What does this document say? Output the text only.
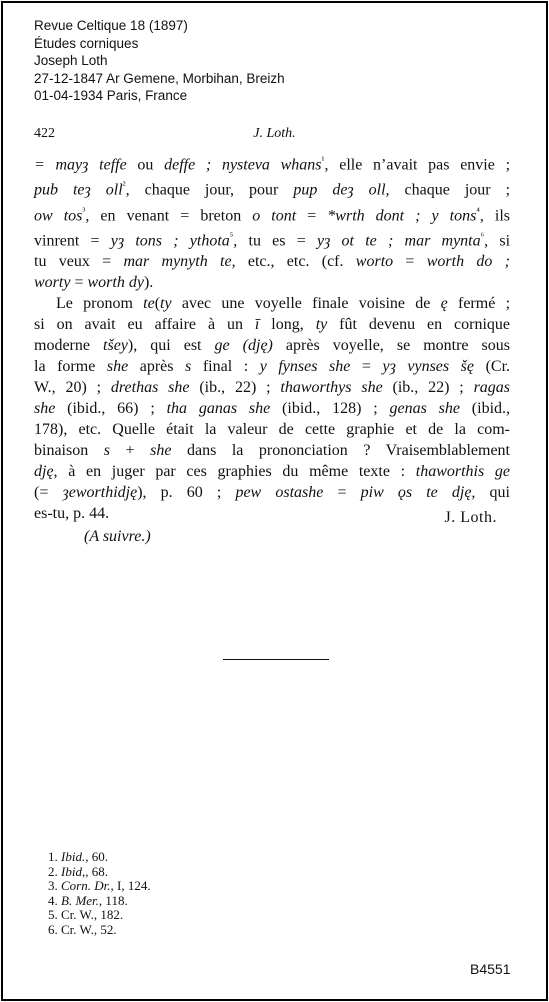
Revue Celtique 18 (1897)
Études corniques
Joseph Loth
27-12-1847 Ar Gemene, Morbihan, Breizh
01-04-1934 Paris, France
422	J. Loth.
= mayȝ teffe ou deffe ; nysteva whans$^{^1}$, elle n’avait pas envie ;
pub teȝ oll$^{^2}$, chaque jour, pour pup deȝ oll, chaque jour ;
ow tos$^{^3}$, en venant = breton o tont = *wrth dont ; y tons$^{^4}$, ils
vinrent = yȝ tons ; ythota$^{^5}$, tu es = yȝ ot te ; mar mynta$^{^6}$, si
tu veux = mar mynyth te, etc., etc. (cf. worto = worth do ;
worty = worth dy).
Le pronom te(ty avec une voyelle finale voisine de ę fermé ;
si on avait eu affaire à un ī long, ty fût devenu en cornique
moderne tšey), qui est ge (dję) après voyelle, se montre sous
la forme she après s final : y fynses she = yȝ vynses šę (Cr.
W., 20) ; drethas she (ib., 22) ; thaworthys she (ib., 22) ; ragas
she (ibid., 66) ; tha ganas she (ibid., 128) ; genas she (ibid.,
178), etc. Quelle était la valeur de cette graphie et de la com-
binaison s + she dans la prononciation ? Vraisemblablement
dję, à en juger par ces graphies du même texte : thaworthis ge
(= ȝeworthidję), p. 60 ; pew ostashe = piw ǫs te dję, qui
es-tu, p. 44.	J. Loth.
(A suivre.)
1. Ibid., 60.
2. Ibid,, 68.
3. Corn. Dr., I, 124.
4. B. Mer., 118.
5. Cr. W., 182.
6. Cr. W., 52.
B4551
